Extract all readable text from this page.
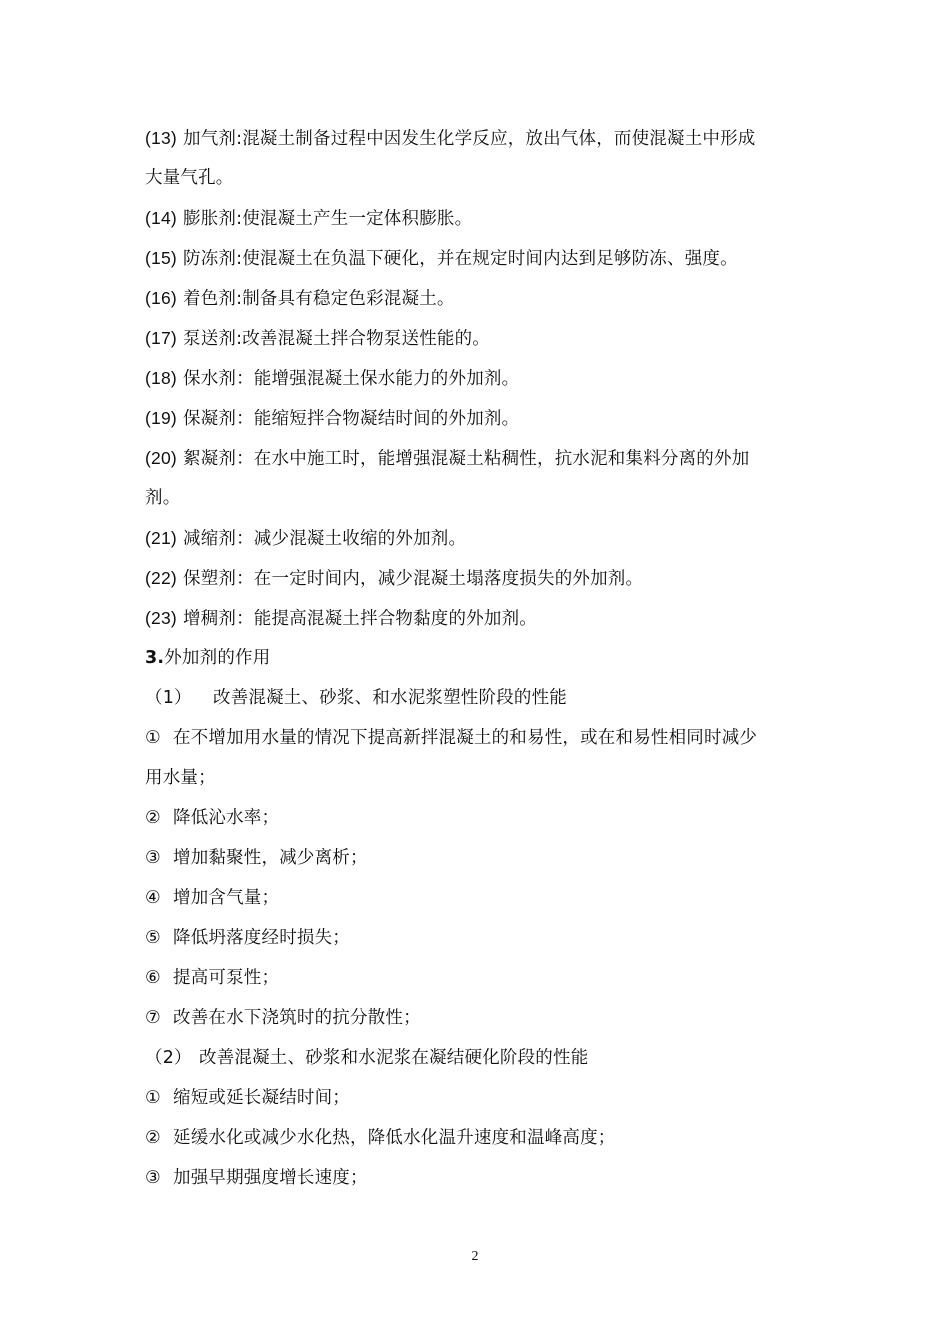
(13) 加气剂:混凝土制备过程中因发生化学反应，放出气体，而使混凝土中形成
大量气孔。
(14) 膨胀剂:使混凝土产生一定体积膨胀。
(15) 防冻剂:使混凝土在负温下硬化，并在规定时间内达到足够防冻、强度。
(16) 着色剂:制备具有稳定色彩混凝土。
(17) 泵送剂:改善混凝土拌合物泵送性能的。
(18) 保水剂：能增强混凝土保水能力的外加剂。
(19) 保凝剂：能缩短拌合物凝结时间的外加剂。
(20) 絮凝剂：在水中施工时，能增强混凝土粘稠性，抗水泥和集料分离的外加
剂。
(21) 减缩剂：减少混凝土收缩的外加剂。
(22) 保塑剂：在一定时间内，减少混凝土塌落度损失的外加剂。
(23) 增稠剂：能提高混凝土拌合物黏度的外加剂。
3.外加剂的作用
（1） 改善混凝土、砂浆、和水泥浆塑性阶段的性能
① 在不增加用水量的情况下提高新拌混凝土的和易性，或在和易性相同时减少
用水量；
② 降低沁水率；
③ 增加黏聚性，减少离析；
④ 增加含气量；
⑤ 降低坍落度经时损失；
⑥ 提高可泵性；
⑦ 改善在水下浇筑时的抗分散性；
（2） 改善混凝土、砂浆和水泥浆在凝结硬化阶段的性能
① 缩短或延长凝结时间；
② 延缓水化或减少水化热，降低水化温升速度和温峰高度；
③ 加强早期强度增长速度；
2
